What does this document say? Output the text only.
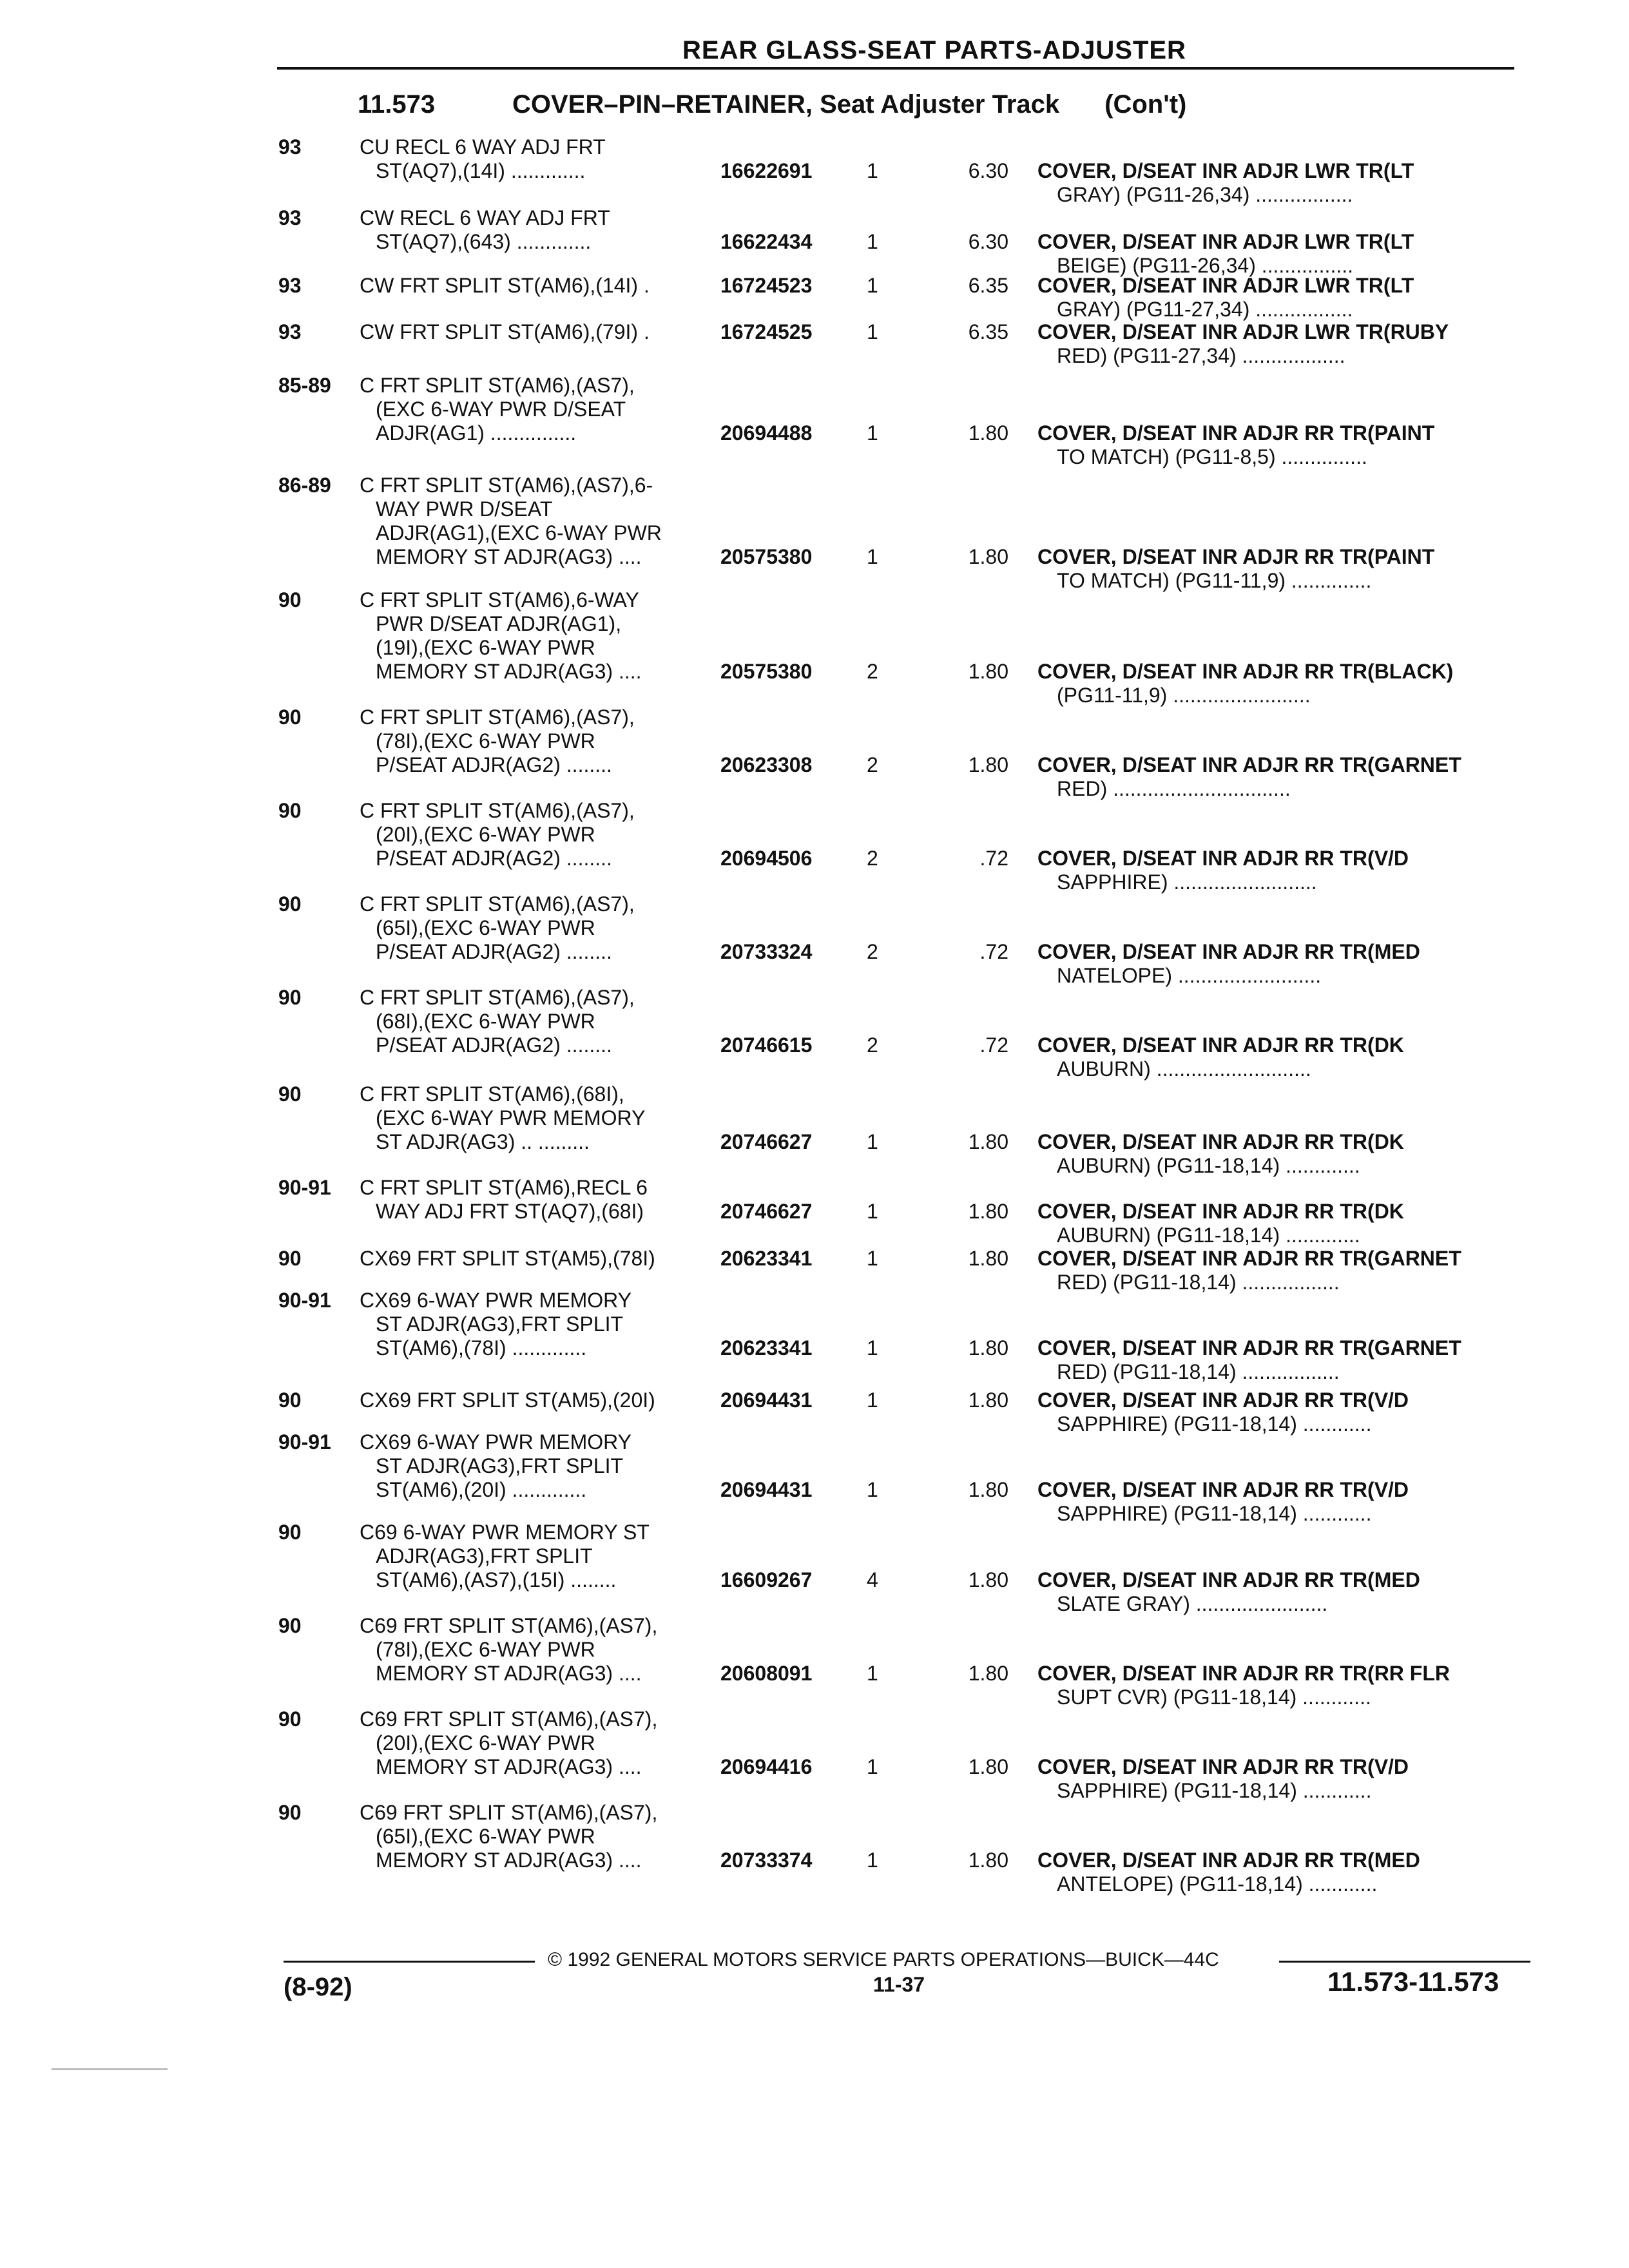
REAR GLASS-SEAT PARTS-ADJUSTER
11.573	COVER–PIN–RETAINER, Seat Adjuster Track (Con't)
93	CU RECL 6 WAY ADJ FRT
ST(AQ7),(14I) .............	16622691	1	6.30 COVER, D/SEAT INR ADJR LWR TR(LT
GRAY) (PG11-26,34) .................
93	CW RECL 6 WAY ADJ FRT
ST(AQ7),(643) .............	16622434	1	6.30 COVER, D/SEAT INR ADJR LWR TR(LT
BEIGE) (PG11-26,34) ................
93	CW FRT SPLIT ST(AM6),(14I) .	16724523	1	6.35 COVER, D/SEAT INR ADJR LWR TR(LT
GRAY) (PG11-27,34) .................
93	CW FRT SPLIT ST(AM6),(79I) .	16724525	1	6.35 COVER, D/SEAT INR ADJR LWR TR(RUBY
RED) (PG11-27,34) ..................
85-89 C FRT SPLIT ST(AM6),(AS7),
(EXC 6-WAY PWR D/SEAT
ADJR(AG1) ...............	20694488	1	1.80 COVER, D/SEAT INR ADJR RR TR(PAINT
TO MATCH) (PG11-8,5) ...............
86-89 C FRT SPLIT ST(AM6),(AS7),6-
WAY PWR D/SEAT
ADJR(AG1),(EXC 6-WAY PWR
MEMORY ST ADJR(AG3) ....	20575380	1	1.80 COVER, D/SEAT INR ADJR RR TR(PAINT
TO MATCH) (PG11-11,9) ..............
90	C FRT SPLIT ST(AM6),6-WAY
PWR D/SEAT ADJR(AG1),
(19I),(EXC 6-WAY PWR
MEMORY ST ADJR(AG3) ....	20575380	2	1.80 COVER, D/SEAT INR ADJR RR TR(BLACK)
(PG11-11,9) ........................
90	C FRT SPLIT ST(AM6),(AS7),
(78I),(EXC 6-WAY PWR
P/SEAT ADJR(AG2) ........	20623308	2	1.80 COVER, D/SEAT INR ADJR RR TR(GARNET
RED) ...............................
90	C FRT SPLIT ST(AM6),(AS7),
(20I),(EXC 6-WAY PWR
P/SEAT ADJR(AG2) ........	20694506	2	.72 COVER, D/SEAT INR ADJR RR TR(V/D
SAPPHIRE) .........................
90	C FRT SPLIT ST(AM6),(AS7),
(65I),(EXC 6-WAY PWR
P/SEAT ADJR(AG2) ........	20733324	2	.72 COVER, D/SEAT INR ADJR RR TR(MED
NATELOPE) .........................
90	C FRT SPLIT ST(AM6),(AS7),
(68I),(EXC 6-WAY PWR
P/SEAT ADJR(AG2) ........	20746615	2	.72 COVER, D/SEAT INR ADJR RR TR(DK
AUBURN) ...........................
90	C FRT SPLIT ST(AM6),(68I),
(EXC 6-WAY PWR MEMORY
ST ADJR(AG3) .. .........	20746627	1	1.80 COVER, D/SEAT INR ADJR RR TR(DK
AUBURN) (PG11-18,14) .............
90-91 C FRT SPLIT ST(AM6),RECL 6
WAY ADJ FRT ST(AQ7),(68I)	20746627	1	1.80 COVER, D/SEAT INR ADJR RR TR(DK
AUBURN) (PG11-18,14) .............
90	CX69 FRT SPLIT ST(AM5),(78I)	20623341	1	1.80 COVER, D/SEAT INR ADJR RR TR(GARNET
RED) (PG11-18,14) .................
90-91 CX69 6-WAY PWR MEMORY
ST ADJR(AG3),FRT SPLIT
ST(AM6),(78I) .............	20623341	1	1.80 COVER, D/SEAT INR ADJR RR TR(GARNET
RED) (PG11-18,14) .................
90	CX69 FRT SPLIT ST(AM5),(20I)	20694431	1	1.80 COVER, D/SEAT INR ADJR RR TR(V/D
SAPPHIRE) (PG11-18,14) ............
90-91 CX69 6-WAY PWR MEMORY
ST ADJR(AG3),FRT SPLIT
ST(AM6),(20I) .............	20694431	1	1.80 COVER, D/SEAT INR ADJR RR TR(V/D
SAPPHIRE) (PG11-18,14) ............
90	C69 6-WAY PWR MEMORY ST
ADJR(AG3),FRT SPLIT
ST(AM6),(AS7),(15I) ........	16609267	4	1.80 COVER, D/SEAT INR ADJR RR TR(MED
SLATE GRAY) .......................
90	C69 FRT SPLIT ST(AM6),(AS7),
(78I),(EXC 6-WAY PWR
MEMORY ST ADJR(AG3) ....	20608091	1	1.80 COVER, D/SEAT INR ADJR RR TR(RR FLR
SUPT CVR) (PG11-18,14) ............
90	C69 FRT SPLIT ST(AM6),(AS7),
(20I),(EXC 6-WAY PWR
MEMORY ST ADJR(AG3) ....	20694416	1	1.80 COVER, D/SEAT INR ADJR RR TR(V/D
SAPPHIRE) (PG11-18,14) ............
90	C69 FRT SPLIT ST(AM6),(AS7),
(65I),(EXC 6-WAY PWR
MEMORY ST ADJR(AG3) ....	20733374	1	1.80 COVER, D/SEAT INR ADJR RR TR(MED
ANTELOPE) (PG11-18,14) ............
© 1992 GENERAL MOTORS SERVICE PARTS OPERATIONS—BUICK—44C
(8-92)	11-37	11.573-11.573
